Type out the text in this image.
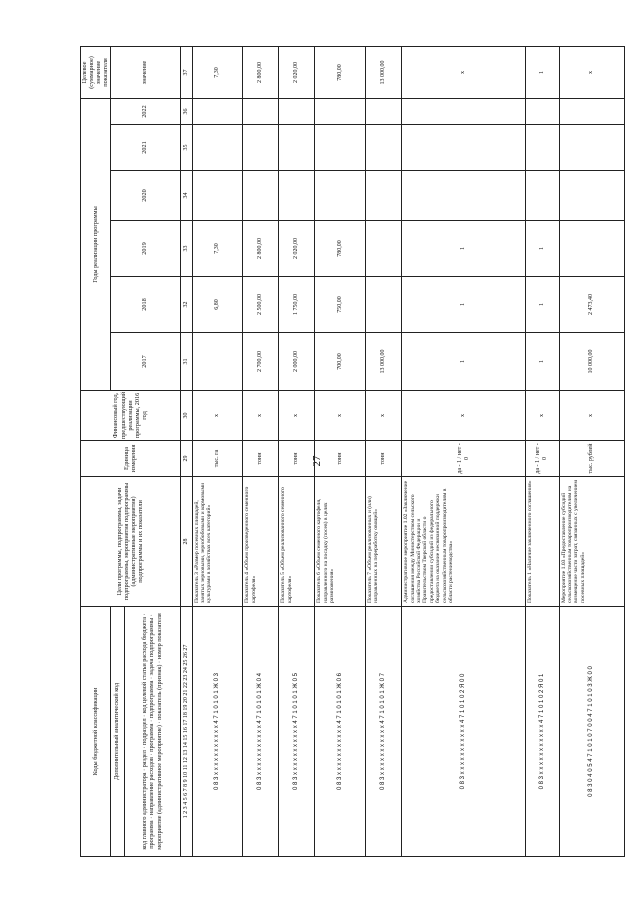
27
Коды бюджетной классификации	Цели программы, подпрограммы, задачи подпрограммы, мероприятия подпрограммы (административные мероприятия) подпрограммы и их показатели	Единица измерения	Финансовый год, предшествующий реализации программы, 2016 год	Годы реализации программы						Целевое (суммарное) значение показателя
Дополнительный аналитический код				2017	2018	2019	2020	2021	2022	значение
код главного администратора · раздел · подраздел · код целевой статьи расхода бюджета · программа · направление расходов · программа · подпрограмма · задача подпрограммы · мероприятие (административное мероприятие) · показатель (признак) · номер показателя										
1 2 3 4 5 6 7 8 9 10 11 12 13 14 15 16 17 18 19 20 21 22 23 24 25 26 27	28	29	30	31	32	33	34	35	36	37
0 8 3 х х х х х х х х х х х 4 7 1 0 1 0 1 Ж 0 3	Показатель 3 «Размер посевных площадей, занятых зерновыми, зернобобовыми и кормовыми культурами в хозяйствах всех категорий»	тыс. га	х		6,80	7,30				7,30
0 8 3 х х х х х х х х х х х 4 7 1 0 1 0 1 Ж 0 4	Показатель 4 «Объем произведенного семенного картофеля»	тонн	х	2 700,00	2 500,00	2 800,00				2 800,00
0 8 3 х х х х х х х х х х х 4 7 1 0 1 0 1 Ж 0 5	Показатель 5 «Объем реализованного семенного картофеля»	тонн	х	2 000,00	1 750,00	2 020,00				2 020,00
0 8 3 х х х х х х х х х х х 4 7 1 0 1 0 1 Ж 0 6	Показатель 6 «Объем семенного картофеля, направленного на посадку (посев) в целях размножения»	тонн	х	700,00	750,00	780,00				780,00
0 8 3 х х х х х х х х х х х 4 7 1 0 1 0 1 Ж 0 7	Показатель 7 «Объем реализованных и (или) направленных на переработку овощей»	тонн	х	13 000,00						13 000,00
0 8 3 х х х х х х х х х х х 4 7 1 0 1 0 2 Я 0 0	Административное мероприятие 1.02 «Заключение соглашения между Министерством сельского хозяйства Российской Федерации и Правительством Тверской области о предоставлении субсидий из федерального бюджета на оказание несвязанной поддержки сельскохозяйственным товаропроизводителям в области растениеводства»	да - 1 / нет - 0	х	1	1	1				х
0 8 3 х х х х х х х х х х х 4 7 1 0 1 0 2 Я 0 1	Показатель 1 «Наличие заключенного соглашения»	да - 1 / нет - 0	х	1	1	1				1
0 8 3 0 4 0 5 4 7 1 0 1 0 7 0 0 4 7 1 0 1 0 3 Ж 0 0	Мероприятие 1.03 «Предоставление субсидий сельскохозяйственным товаропроизводителям на возмещение части затрат, связанных с увеличением посевных площадей»	тыс. рублей	х	10 000,00	2 473,40					х
